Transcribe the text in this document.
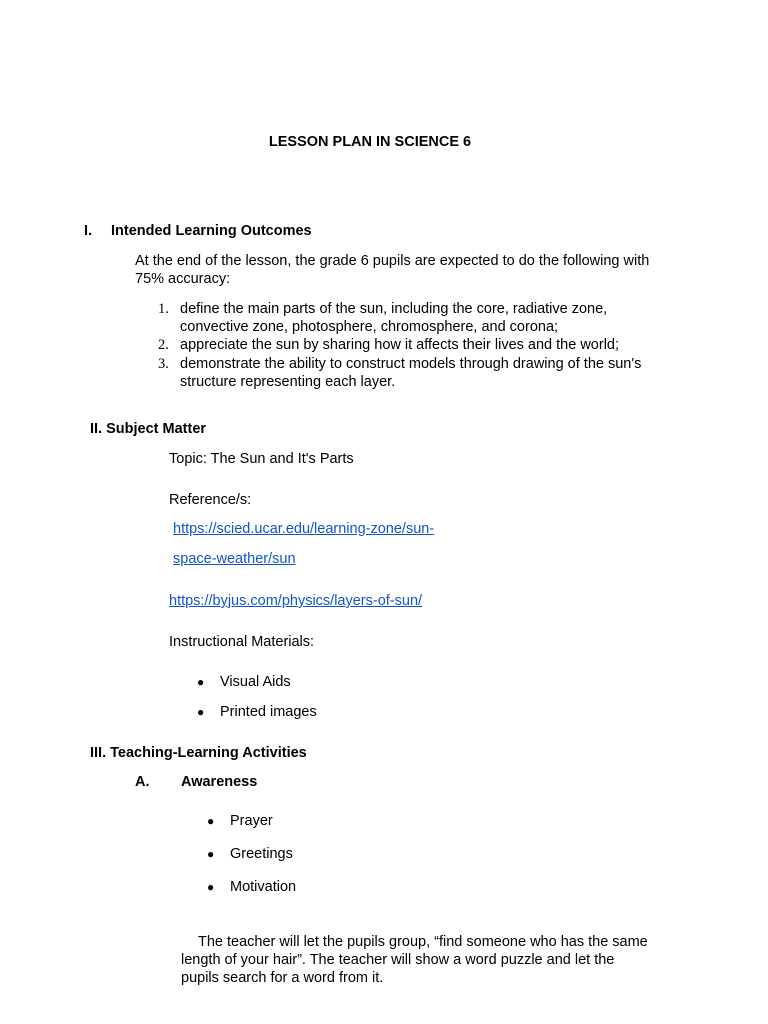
LESSON PLAN IN SCIENCE 6
I. Intended Learning Outcomes
At the end of the lesson, the grade 6 pupils are expected to do the following with
75% accuracy:
1. define the main parts of the sun, including the core, radiative zone,
convective zone, photosphere, chromosphere, and corona;
2. appreciate the sun by sharing how it affects their lives and the world;
3. demonstrate the ability to construct models through drawing of the sun's
structure representing each layer.
II. Subject Matter
Topic: The Sun and It's Parts
Reference/s:
https://scied.ucar.edu/learning-zone/sun-
space-weather/sun
https://byjus.com/physics/layers-of-sun/
Instructional Materials:
● Visual Aids
● Printed images
III. Teaching-Learning Activities
A. Awareness
● Prayer
● Greetings
● Motivation
The teacher will let the pupils group, “find someone who has the same
length of your hair”. The teacher will show a word puzzle and let the
pupils search for a word from it.
